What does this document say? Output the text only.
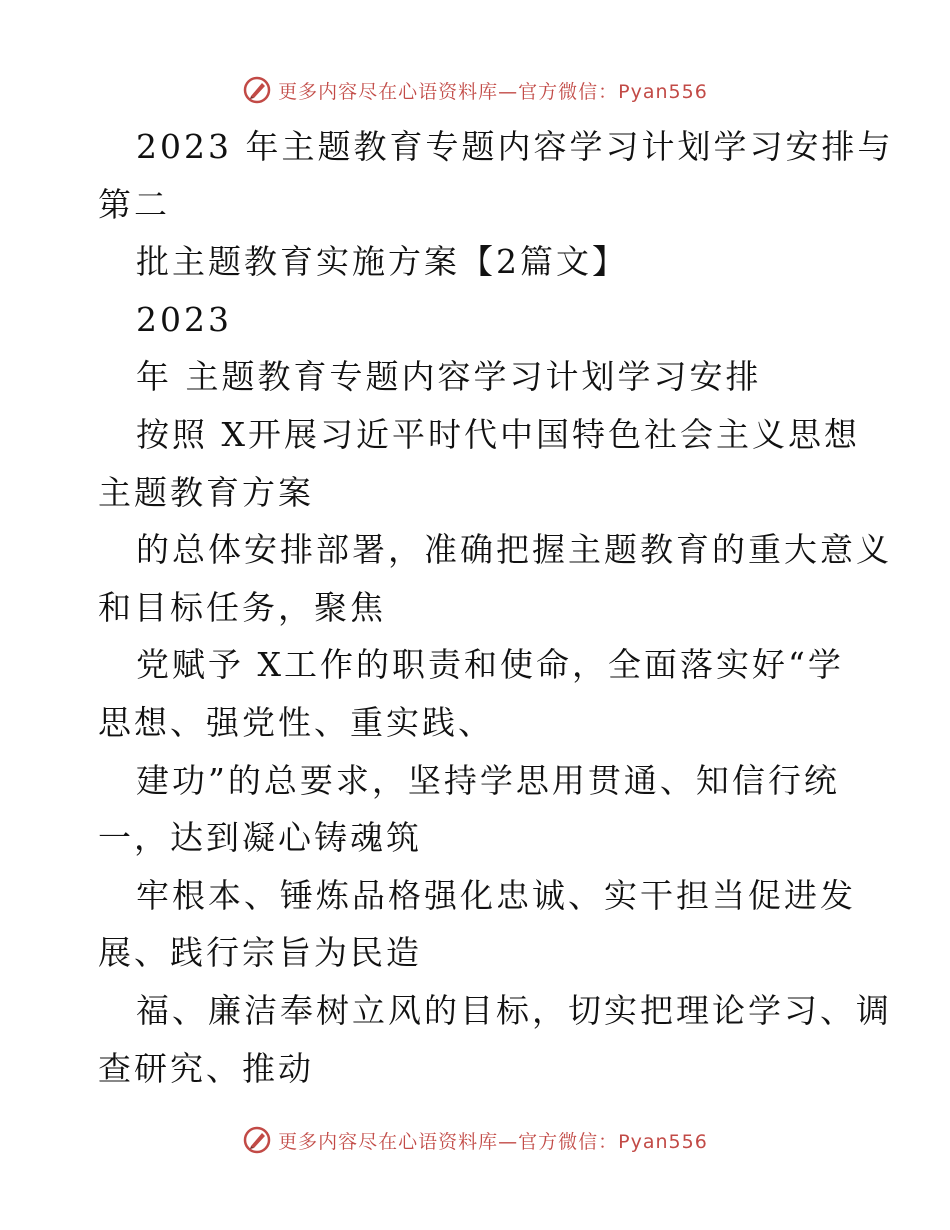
更多内容尽在心语资料库—官方微信：Pyan556
2023 年主题教育专题内容学习计划学习安排与
第二
批主题教育实施方案【2篇文】
2023
年 主题教育专题内容学习计划学习安排
按照 X开展习近平时代中国特色社会主义思想
主题教育方案
的总体安排部署，准确把握主题教育的重大意义
和目标任务，聚焦
党赋予 X工作的职责和使命，全面落实好“学
思想、强党性、重实践、
建功”的总要求，坚持学思用贯通、知信行统
一，达到凝心铸魂筑
牢根本、锤炼品格强化忠诚、实干担当促进发
展、践行宗旨为民造
福、廉洁奉树立风的目标，切实把理论学习、调
查研究、推动
更多内容尽在心语资料库—官方微信：Pyan556
